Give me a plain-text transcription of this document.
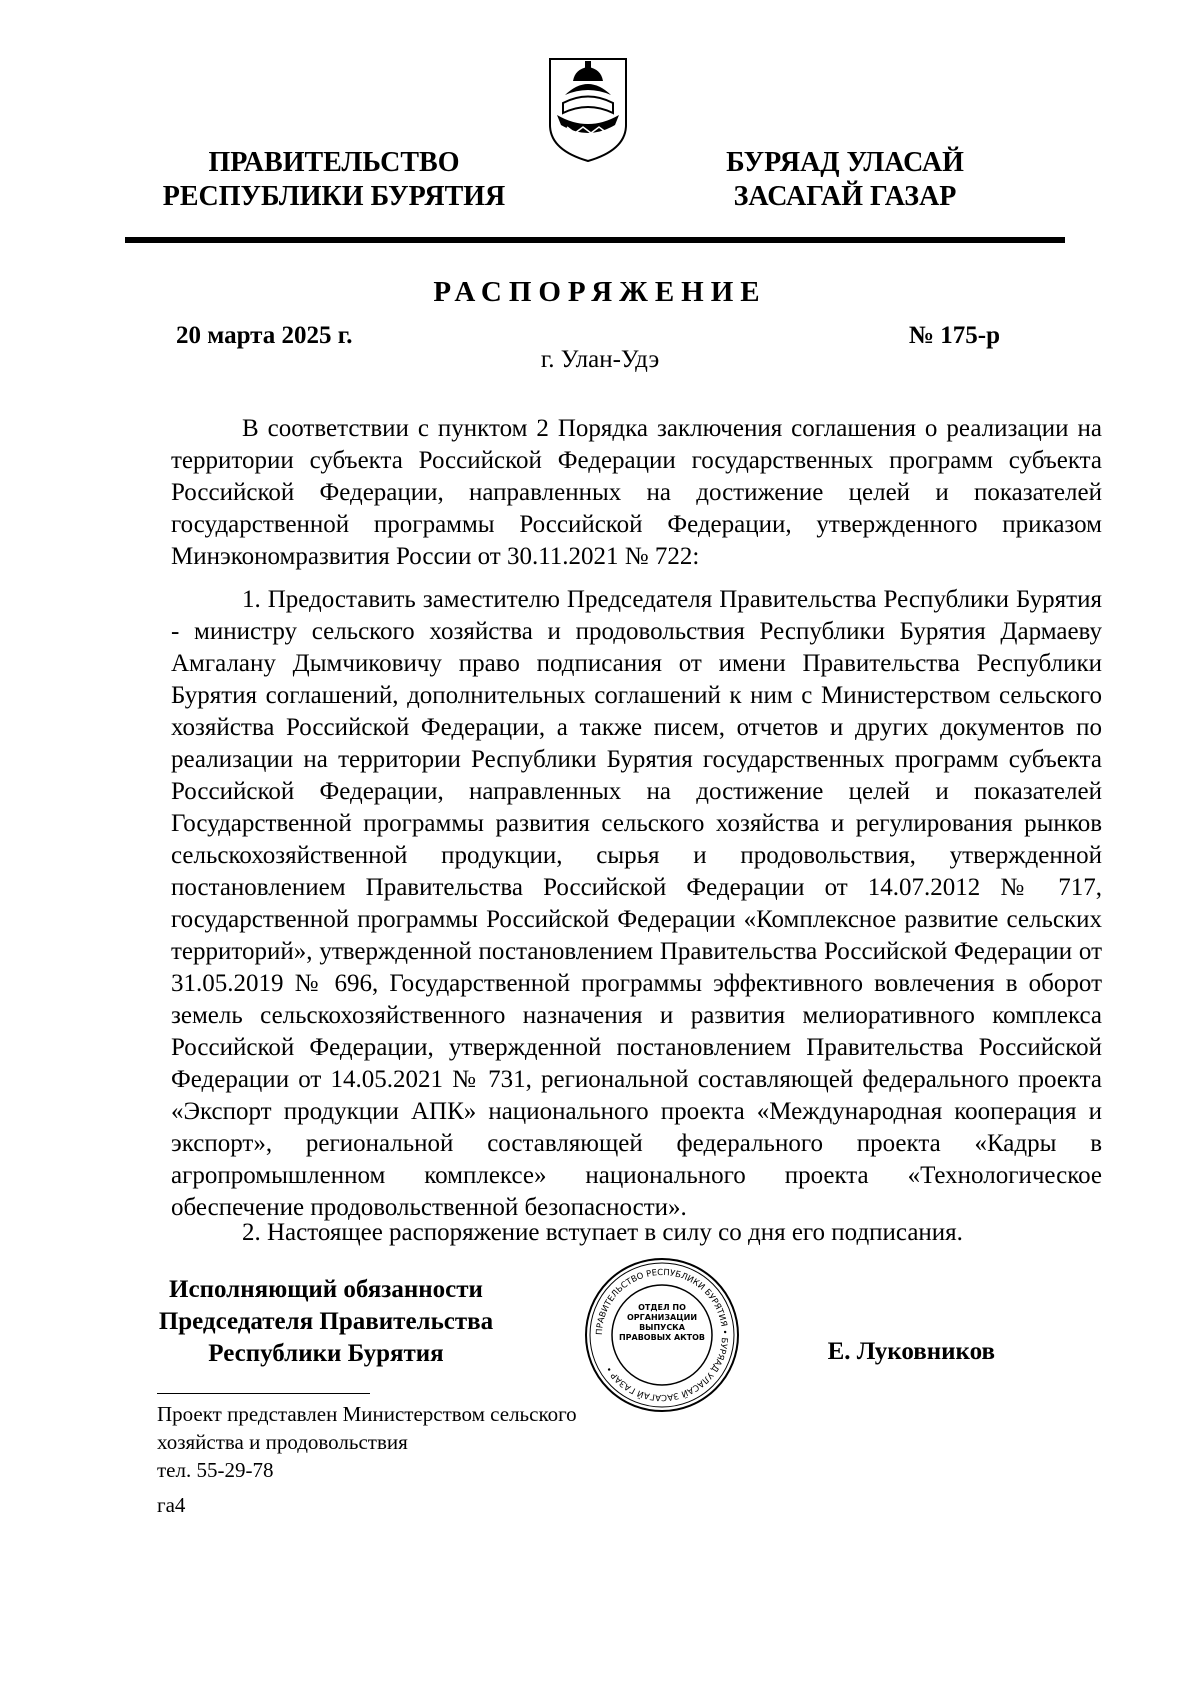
ПРАВИТЕЛЬСТВО
РЕСПУБЛИКИ БУРЯТИЯ
БУРЯАД УЛАСАЙ
ЗАСАГАЙ ГАЗАР
РАСПОРЯЖЕНИЕ
20 марта 2025 г.	№ 175-р
г. Улан-Удэ

В соответствии с пунктом 2 Порядка заключения соглашения о реализации на территории субъекта Российской Федерации государственных программ субъекта Российской Федерации, направленных на достижение целей и показателей государственной программы Российской Федерации, утвержденного приказом Минэкономразвития России от 30.11.2021 № 722:

1. Предоставить заместителю Председателя Правительства Республики Бурятия - министру сельского хозяйства и продовольствия Республики Бурятия Дармаеву Амгалану Дымчиковичу право подписания от имени Правительства Республики Бурятия соглашений, дополнительных соглашений к ним с Министерством сельского хозяйства Российской Федерации, а также писем, отчетов и других документов по реализации на территории Республики Бурятия государственных программ субъекта Российской Федерации, направленных на достижение целей и показателей Государственной программы развития сельского хозяйства и регулирования рынков сельскохозяйственной продукции, сырья и продовольствия, утвержденной постановлением Правительства Российской Федерации от 14.07.2012 № 717, государственной программы Российской Федерации «Комплексное развитие сельских территорий», утвержденной постановлением Правительства Российской Федерации от 31.05.2019 № 696, Государственной программы эффективного вовлечения в оборот земель сельскохозяйственного назначения и развития мелиоративного комплекса Российской Федерации, утвержденной постановлением Правительства Российской Федерации от 14.05.2021 № 731, региональной составляющей федерального проекта «Экспорт продукции АПК» национального проекта «Международная кооперация и экспорт», региональной составляющей федерального проекта «Кадры в агропромышленном комплексе» национального проекта «Технологическое обеспечение продовольственной безопасности».

2. Настоящее распоряжение вступает в силу со дня его подписания.

Исполняющий обязанности
Председателя Правительства
Республики Бурятия
ПРАВИТЕЛЬСТВО РЕСПУБЛИКИ БУРЯТИЯ • БУРЯАД УЛАСАЙ ЗАСАГАЙ ГАЗАР •
ОТДЕЛ ПО ОРГАНИЗАЦИИ ВЫПУСКА ПРАВОВЫХ АКТОВ
Е. Луковников
Проект представлен Министерством сельского
хозяйства и продовольствия
тел. 55-29-78
га4
